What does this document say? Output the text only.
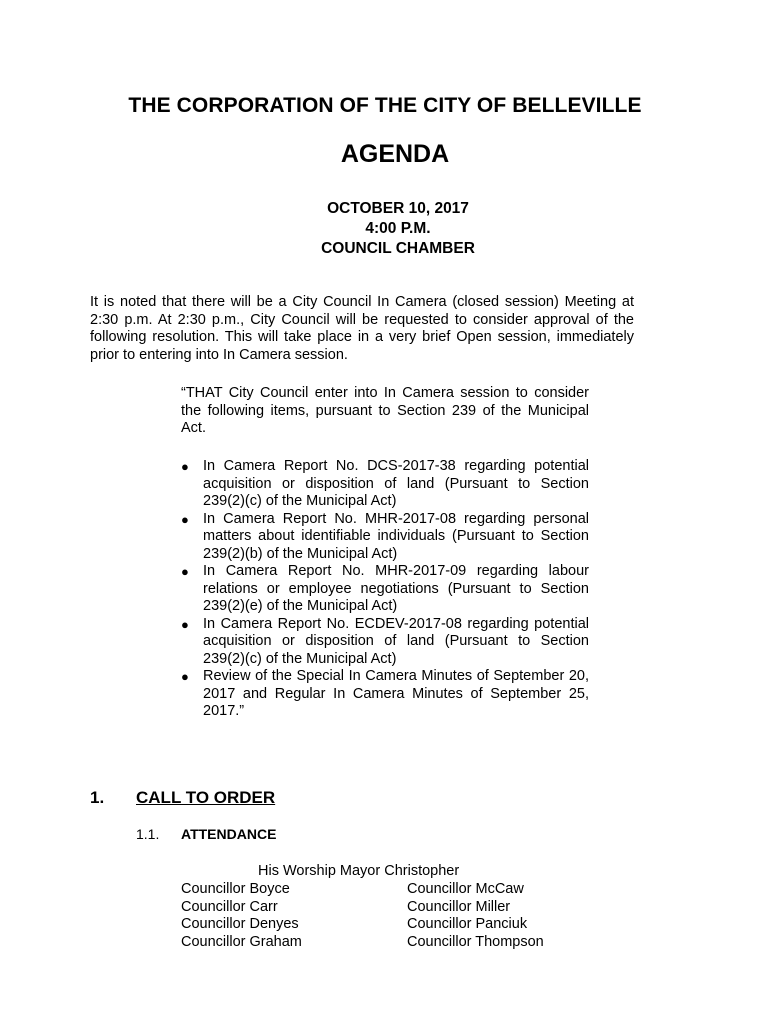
THE CORPORATION OF THE CITY OF BELLEVILLE
AGENDA
OCTOBER 10, 2017
4:00 P.M.
COUNCIL CHAMBER
It is noted that there will be a City Council In Camera (closed session) Meeting at 2:30 p.m. At 2:30 p.m., City Council will be requested to consider approval of the following resolution. This will take place in a very brief Open session, immediately prior to entering into In Camera session.
“THAT City Council enter into In Camera session to consider the following items, pursuant to Section 239 of the Municipal Act.
● In Camera Report No. DCS-2017-38 regarding potential acquisition or disposition of land (Pursuant to Section 239(2)(c) of the Municipal Act)
● In Camera Report No. MHR-2017-08 regarding personal matters about identifiable individuals (Pursuant to Section 239(2)(b) of the Municipal Act)
● In Camera Report No. MHR-2017-09 regarding labour relations or employee negotiations (Pursuant to Section 239(2)(e) of the Municipal Act)
● In Camera Report No. ECDEV-2017-08 regarding potential acquisition or disposition of land (Pursuant to Section 239(2)(c) of the Municipal Act)
● Review of the Special In Camera Minutes of September 20, 2017 and Regular In Camera Minutes of September 25, 2017.”
1. CALL TO ORDER
1.1. ATTENDANCE
His Worship Mayor Christopher
Councillor Boyce	Councillor McCaw
Councillor Carr	Councillor Miller
Councillor Denyes	Councillor Panciuk
Councillor Graham	Councillor Thompson
